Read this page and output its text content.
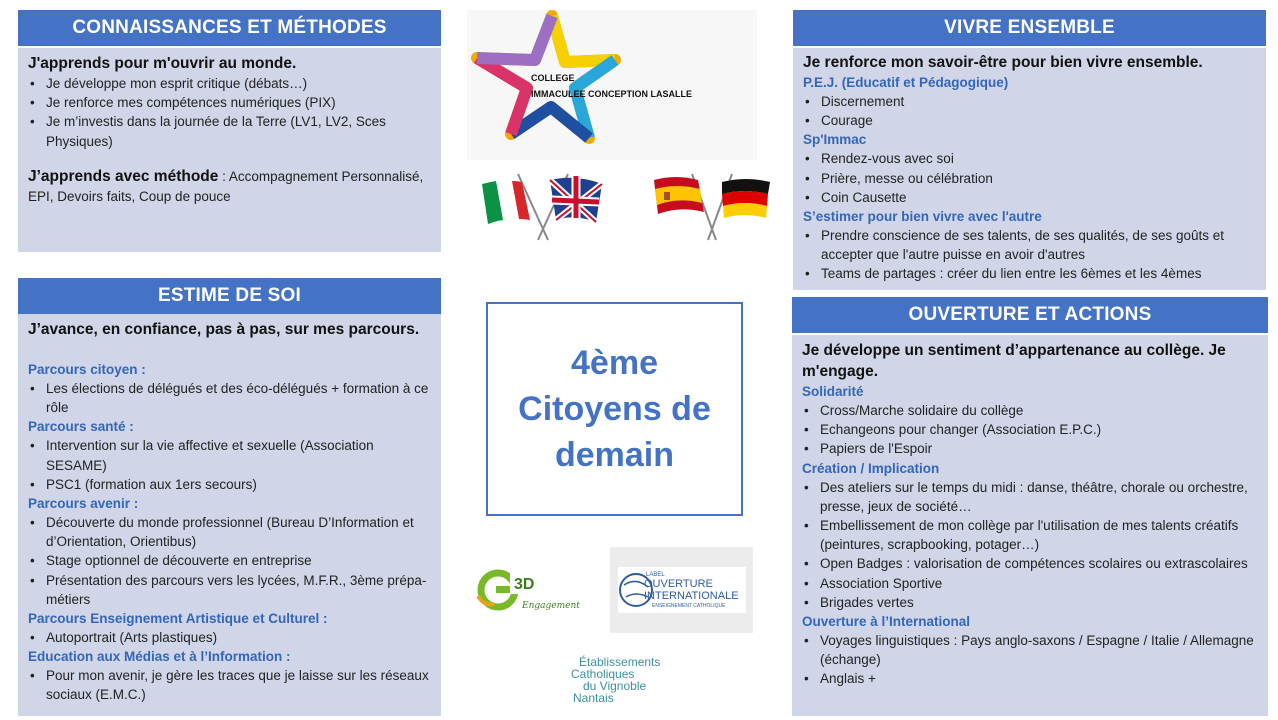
CONNAISSANCES ET MÉTHODES
J'apprends pour m'ouvrir au monde.
• Je développe mon esprit critique (débats…)
• Je renforce mes compétences numériques (PIX)
• Je m’investis dans la journée de la Terre (LV1, LV2, Sces Physiques)
J’apprends avec méthode : Accompagnement Personnalisé, EPI, Devoirs faits, Coup de pouce
ESTIME DE SOI
J’avance, en confiance, pas à pas, sur mes parcours.
Parcours citoyen :
• Les élections de délégués et des éco-délégués + formation à ce rôle
Parcours santé :
• Intervention sur la vie affective et sexuelle (Association SESAME)
• PSC1 (formation aux 1ers secours)
Parcours avenir :
• Découverte du monde professionnel (Bureau D’Information et d’Orientation, Orientibus)
• Stage optionnel de découverte en entreprise
• Présentation des parcours vers les lycées, M.F.R., 3ème prépa-métiers
Parcours Enseignement Artistique et Culturel :
• Autoportrait (Arts plastiques)
Education aux Médias et à l’Information :
• Pour mon avenir, je gère les traces que je laisse sur les réseaux sociaux (E.M.C.)
VIVRE ENSEMBLE
Je renforce mon savoir-être pour bien vivre ensemble.
P.E.J. (Educatif et Pédagogique)
• Discernement
• Courage
Sp'Immac
• Rendez-vous avec soi
• Prière, messe ou célébration
• Coin Causette
S’estimer pour bien vivre avec l'autre
• Prendre conscience de ses talents, de ses qualités, de ses goûts et accepter que l'autre puisse en avoir d'autres
• Teams de partages : créer du lien entre les 6èmes et les 4èmes
OUVERTURE ET ACTIONS
Je développe un sentiment d’appartenance au collège. Je m'engage.
Solidarité
• Cross/Marche solidaire du collège
• Echangeons pour changer (Association E.P.C.)
• Papiers de l'Espoir
Création / Implication
• Des ateliers sur le temps du midi : danse, théâtre, chorale ou orchestre, presse, jeux de société…
• Embellissement de mon collège par l'utilisation de mes talents créatifs (peintures, scrapbooking, potager…)
• Open Badges : valorisation de compétences scolaires ou extrascolaires
• Association Sportive
• Brigades vertes
Ouverture à l’International
• Voyages linguistiques : Pays anglo-saxons / Espagne / Italie / Allemagne (échange)
• Anglais +
COLLEGE
IMMACULEE CONCEPTION LASALLE
4ème
Citoyens de
demain
3D
Engagement
LABEL
OUVERTURE
INTERNATIONALE
ENSEIGNEMENT CATHOLIQUE
Établissements
Catholiques
du Vignoble
Nantais
